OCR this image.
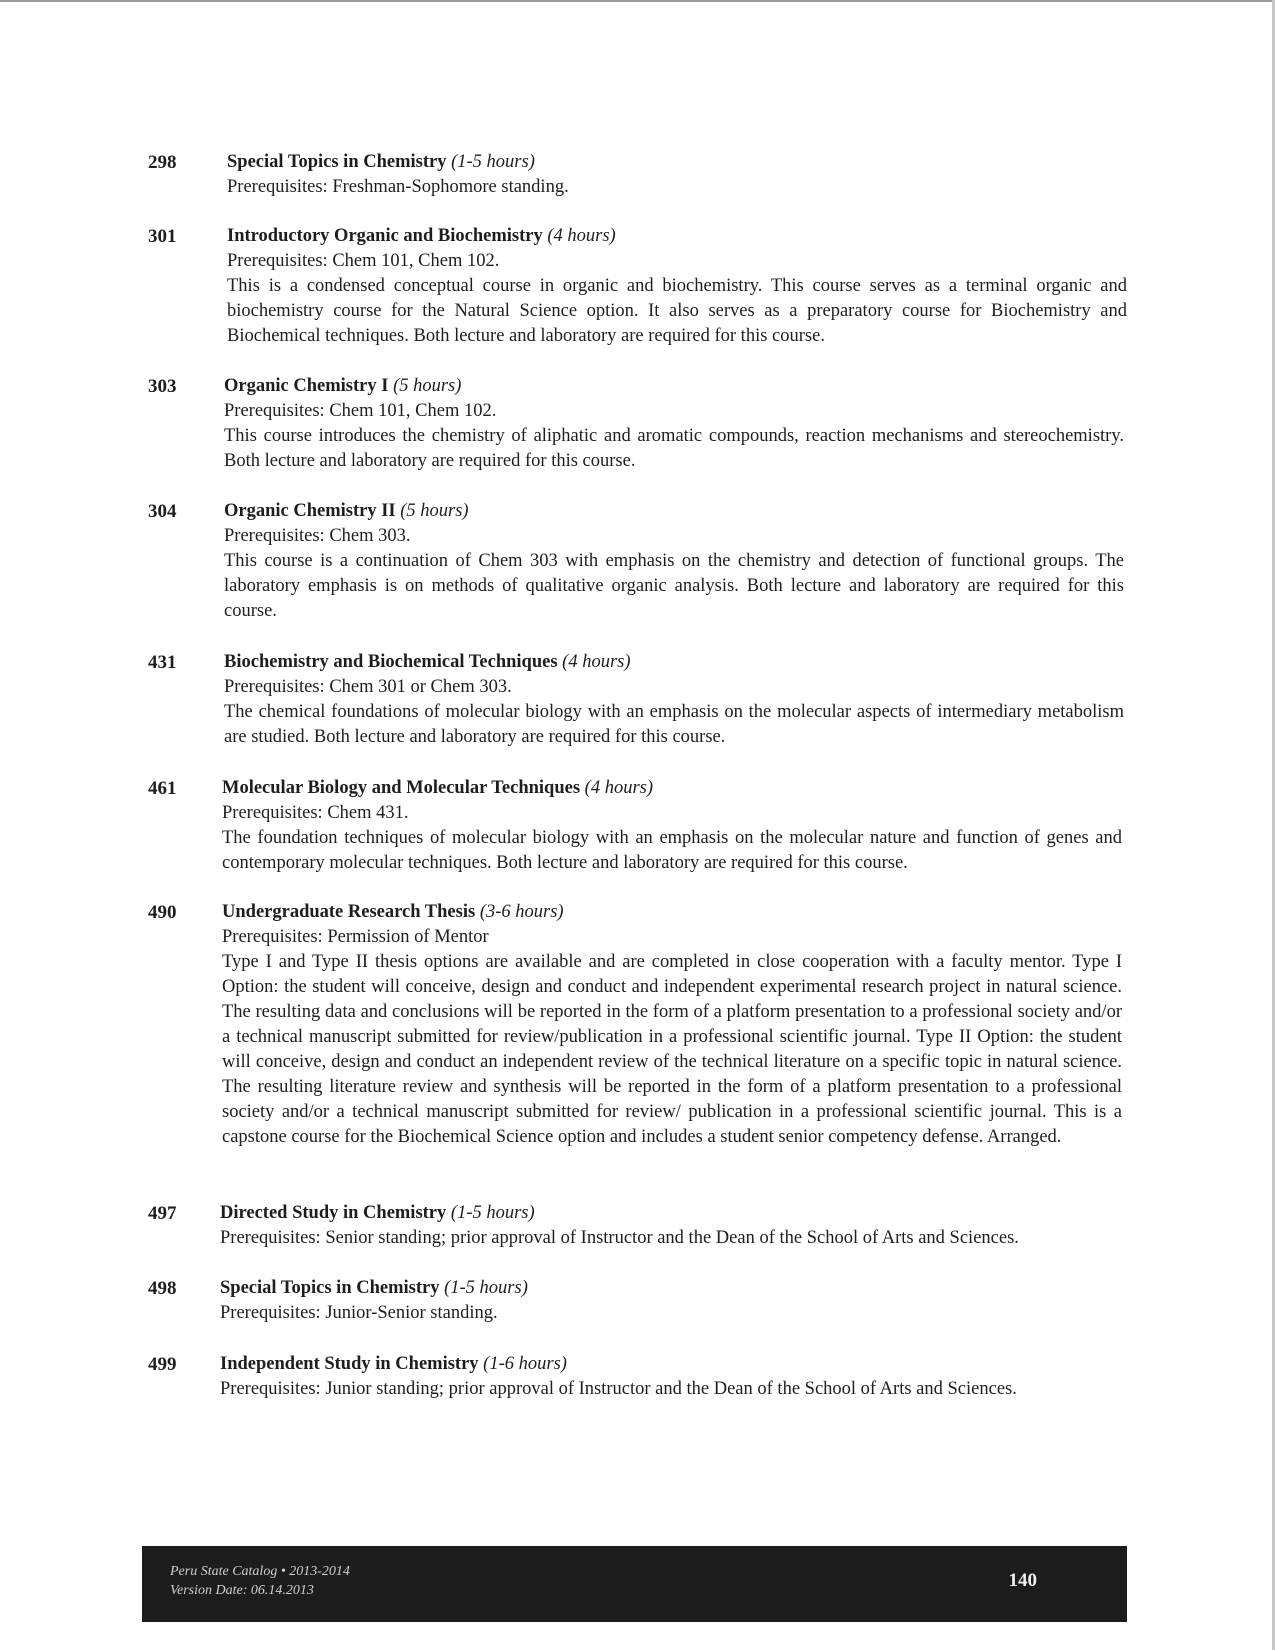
298	Special Topics in Chemistry (1-5 hours)
Prerequisites: Freshman-Sophomore standing.
301	Introductory Organic and Biochemistry (4 hours)
Prerequisites: Chem 101, Chem 102.
This is a condensed conceptual course in organic and biochemistry. This course serves as a terminal organic and biochemistry course for the Natural Science option. It also serves as a preparatory course for Biochemistry and Biochemical techniques. Both lecture and laboratory are required for this course.
303	Organic Chemistry I (5 hours)
Prerequisites: Chem 101, Chem 102.
This course introduces the chemistry of aliphatic and aromatic compounds, reaction mechanisms and stereochemistry. Both lecture and laboratory are required for this course.
304	Organic Chemistry II (5 hours)
Prerequisites: Chem 303.
This course is a continuation of Chem 303 with emphasis on the chemistry and detection of functional groups. The laboratory emphasis is on methods of qualitative organic analysis. Both lecture and laboratory are required for this course.
431	Biochemistry and Biochemical Techniques (4 hours)
Prerequisites: Chem 301 or Chem 303.
The chemical foundations of molecular biology with an emphasis on the molecular aspects of intermediary metabolism are studied. Both lecture and laboratory are required for this course.
461	Molecular Biology and Molecular Techniques (4 hours)
Prerequisites: Chem 431.
The foundation techniques of molecular biology with an emphasis on the molecular nature and function of genes and contemporary molecular techniques. Both lecture and laboratory are required for this course.
490	Undergraduate Research Thesis (3-6 hours)
Prerequisites: Permission of Mentor
Type I and Type II thesis options are available and are completed in close cooperation with a faculty mentor. Type I Option: the student will conceive, design and conduct and independent experimental research project in natural science. The resulting data and conclusions will be reported in the form of a platform presentation to a professional society and/or a technical manuscript submitted for review/publication in a professional scientific journal. Type II Option: the student will conceive, design and conduct an independent review of the technical literature on a specific topic in natural science. The resulting literature review and synthesis will be reported in the form of a platform presentation to a professional society and/or a technical manuscript submitted for review/ publication in a professional scientific journal. This is a capstone course for the Biochemical Science option and includes a student senior competency defense. Arranged.
497	Directed Study in Chemistry (1-5 hours)
Prerequisites: Senior standing; prior approval of Instructor and the Dean of the School of Arts and Sciences.
498	Special Topics in Chemistry (1-5 hours)
Prerequisites: Junior-Senior standing.
499	Independent Study in Chemistry (1-6 hours)
Prerequisites: Junior standing; prior approval of Instructor and the Dean of the School of Arts and Sciences.
Peru State Catalog • 2013-2014
Version Date: 06.14.2013	140
